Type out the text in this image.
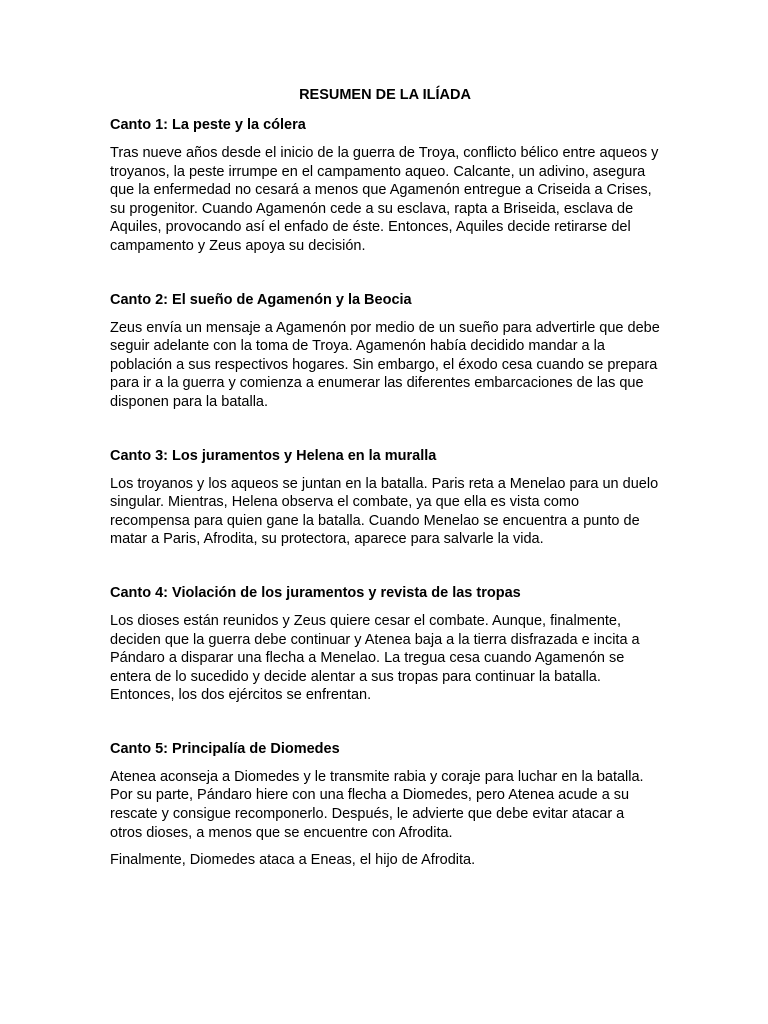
RESUMEN DE LA ILÍADA
Canto 1: La peste y la cólera

Tras nueve años desde el inicio de la guerra de Troya, conflicto bélico entre aqueos y troyanos, la peste irrumpe en el campamento aqueo. Calcante, un adivino, asegura que la enfermedad no cesará a menos que Agamenón entregue a Criseida a Crises, su progenitor. Cuando Agamenón cede a su esclava, rapta a Briseida, esclava de Aquiles, provocando así el enfado de éste. Entonces, Aquiles decide retirarse del campamento y Zeus apoya su decisión.

Canto 2: El sueño de Agamenón y la Beocia

Zeus envía un mensaje a Agamenón por medio de un sueño para advertirle que debe seguir adelante con la toma de Troya. Agamenón había decidido mandar a la población a sus respectivos hogares. Sin embargo, el éxodo cesa cuando se prepara para ir a la guerra y comienza a enumerar las diferentes embarcaciones de las que disponen para la batalla.

Canto 3: Los juramentos y Helena en la muralla

Los troyanos y los aqueos se juntan en la batalla. Paris reta a Menelao para un duelo singular. Mientras, Helena observa el combate, ya que ella es vista como recompensa para quien gane la batalla. Cuando Menelao se encuentra a punto de matar a Paris, Afrodita, su protectora, aparece para salvarle la vida.

Canto 4: Violación de los juramentos y revista de las tropas

Los dioses están reunidos y Zeus quiere cesar el combate. Aunque, finalmente, deciden que la guerra debe continuar y Atenea baja a la tierra disfrazada e incita a Pándaro a disparar una flecha a Menelao. La tregua cesa cuando Agamenón se entera de lo sucedido y decide alentar a sus tropas para continuar la batalla. Entonces, los dos ejércitos se enfrentan.

Canto 5: Principalía de Diomedes

Atenea aconseja a Diomedes y le transmite rabia y coraje para luchar en la batalla. Por su parte, Pándaro hiere con una flecha a Diomedes, pero Atenea acude a su rescate y consigue recomponerlo. Después, le advierte que debe evitar atacar a otros dioses, a menos que se encuentre con Afrodita.

Finalmente, Diomedes ataca a Eneas, el hijo de Afrodita.
